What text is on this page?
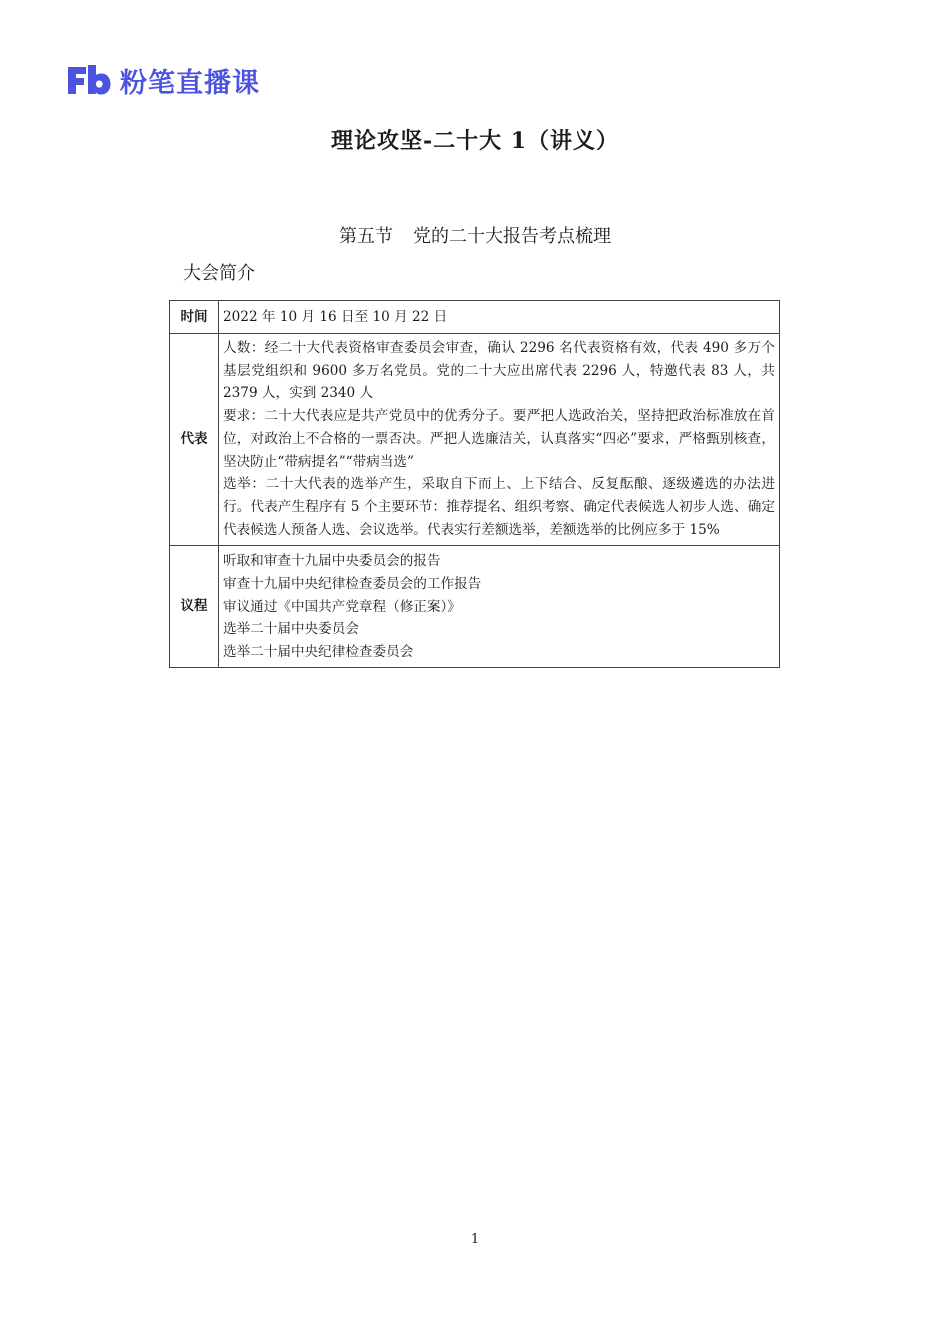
粉笔直播课
理论攻坚-二十大 1（讲义）
第五节 党的二十大报告考点梳理
大会简介
时间	2022 年 10 月 16 日至 10 月 22 日

代表	人数：经二十大代表资格审查委员会审查，确认 2296 名代表资格有效，代表 490 多万个基层党组织和 9600 多万名党员。党的二十大应出席代表 2296 人，特邀代表 83 人，共 2379 人，实到 2340 人
要求：二十大代表应是共产党员中的优秀分子。要严把人选政治关，坚持把政治标准放在首位，对政治上不合格的一票否决。严把人选廉洁关，认真落实“四必”要求，严格甄别核查，坚决防止“带病提名”“带病当选”
选举：二十大代表的选举产生，采取自下而上、上下结合、反复酝酿、逐级遴选的办法进行。代表产生程序有 5 个主要环节：推荐提名、组织考察、确定代表候选人初步人选、确定代表候选人预备人选、会议选举。代表实行差额选举，差额选举的比例应多于 15%

议程	听取和审查十九届中央委员会的报告
审查十九届中央纪律检查委员会的工作报告
审议通过《中国共产党章程（修正案）》
选举二十届中央委员会
选举二十届中央纪律检查委员会
1
